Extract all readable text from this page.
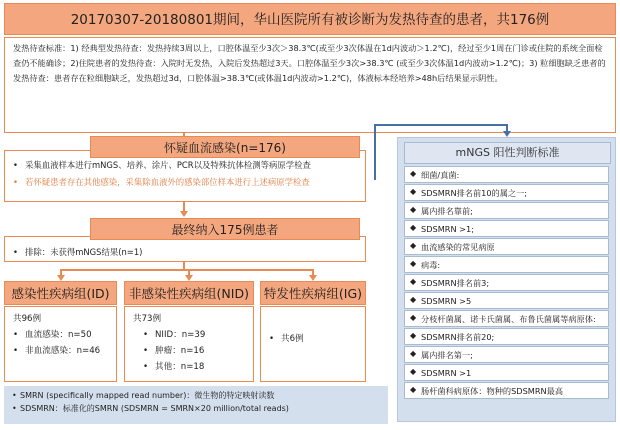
20170307-20180801期间，华山医院所有被诊断为发热待查的患者，共176例
发热待查标准：1) 经典型发热待查：发热持续3周以上，口腔体温至少3次＞38.3℃(或至少3次体温在1d内波动＞1.2℃)，经过至少1周在门诊或住院的系统全面检查仍不能确诊；2)住院患者的发热待查：入院时无发热，入院后发热超过3天。口腔体温至少3次>38.3℃ (或至少3次体温1d内波动>1.2℃)；3) 粒细胞缺乏患者的发热待查：患者存在粒细胞缺乏，发热超过3d，口腔体温>38.3℃(或体温1d内波动>1.2℃)，体液标本经培养>48h后结果显示阴性。
• 采集血液样本进行mNGS、培养、涂片、PCR以及特殊抗体检测等病原学检查
• 若怀疑患者存在其他感染，采集除血液外的感染部位样本进行上述病原学检查
怀疑血流感染(n=176)
• 排除：未获得mNGS结果(n=1)
最终纳入175例患者
感染性疾病组(ID)
共96例
• 血流感染：n=50
• 非血流感染：n=46
非感染性疾病组(NID)
共73例
• NIID：n=39
• 肿瘤：n=16
• 其他：n=18
特发性疾病组(IG)
• 共6例
• SMRN (specifically mapped read number)：微生物的特定映射读数
• SDSMRN：标准化的SMRN (SDSMRN = SMRN×20 million/total reads)
mNGS 阳性判断标准
◆ 细菌/真菌:
◆ SDSMRN排名前10的属之一;
◆ 属内排名靠前;
◆ SDSMRN >1;
◆ 血流感染的常见病原
◆ 病毒:
◆ SDSMRN排名前3;
◆ SDSMRN >5
◆ 分枝杆菌属、诺卡氏菌属、布鲁氏菌属等病原体:
◆ SDSMRN排名前20;
◆ 属内排名第一;
◆ SDSMRN >1
◆ 肠杆菌科病原体：物种的SDSMRN最高
